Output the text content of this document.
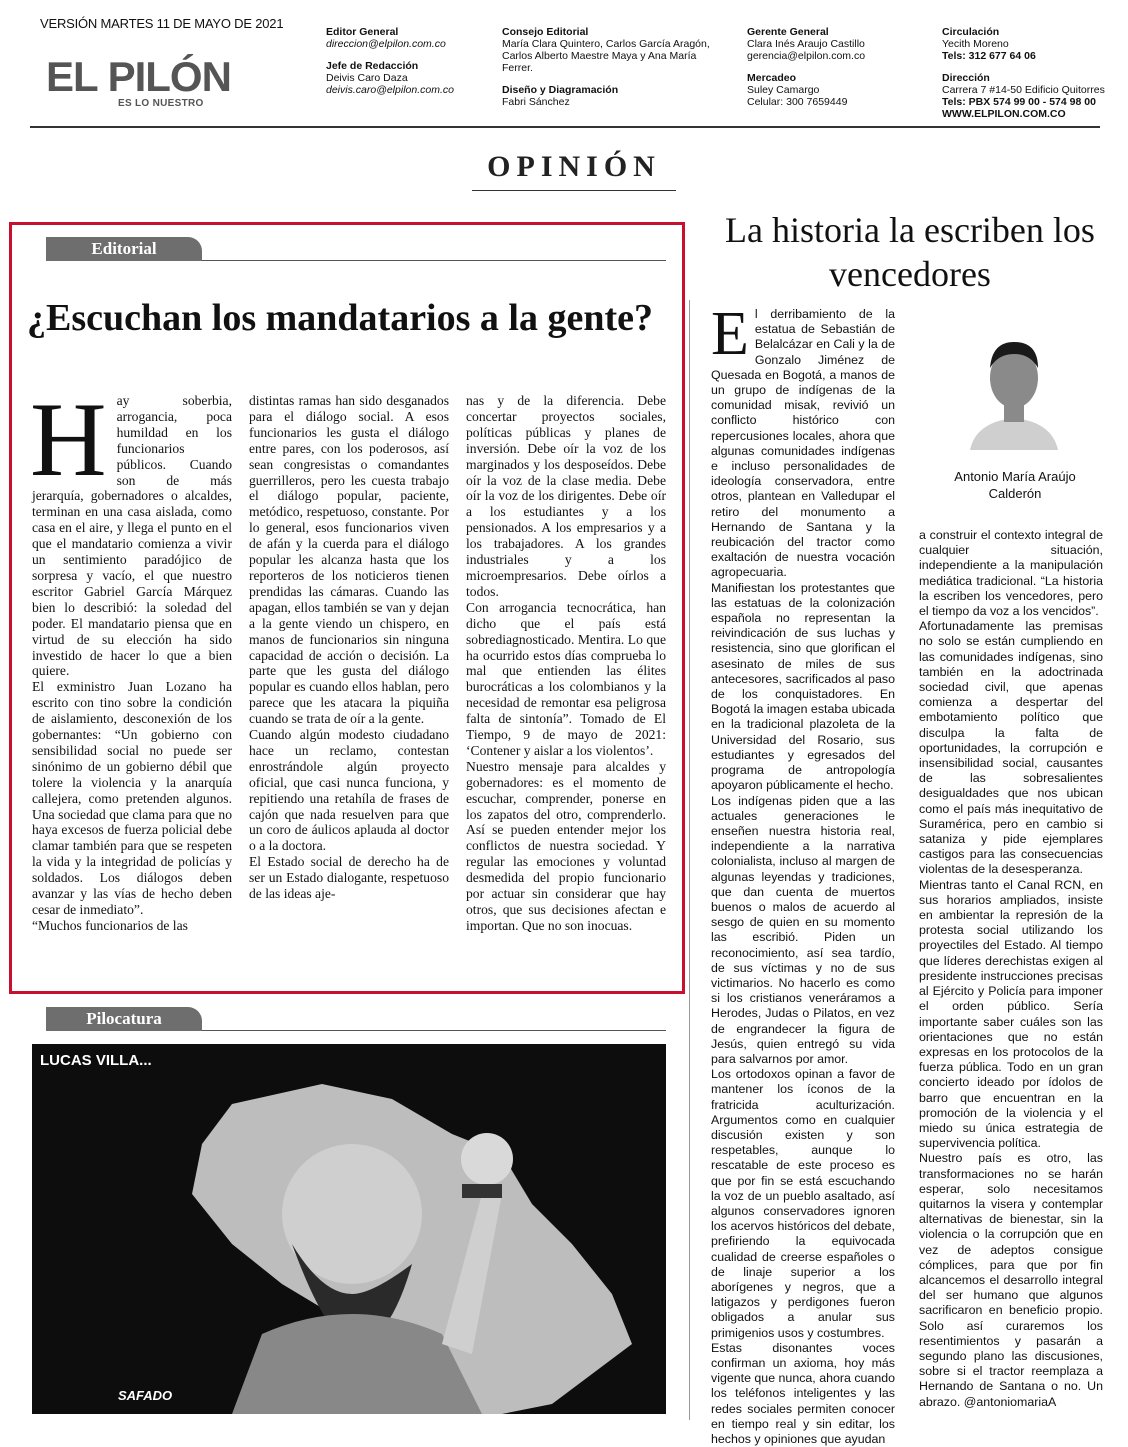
VERSIÓN MARTES 11 DE MAYO DE 2021
EL PILÓN
ES LO NUESTRO
Editor General
direccion@elpilon.com.co
Jefe de Redacción
Deivis Caro Daza
deivis.caro@elpilon.com.co
Consejo Editorial
María Clara Quintero, Carlos García Aragón, Carlos Alberto Maestre Maya y Ana María Ferrer.
Diseño y Diagramación
Fabri Sánchez
Gerente General
Clara Inés Araujo Castillo
gerencia@elpilon.com.co
Mercadeo
Suley Camargo
Celular: 300 7659449
Circulación
Yecith Moreno
Tels: 312 677 64 06
Dirección
Carrera 7 #14-50 Edificio Quitorres
Tels: PBX 574 99 00 - 574 98 00
WWW.ELPILON.COM.CO
OPINIÓN
Editorial
¿Escuchan los mandatarios a la gente?
H ay soberbia, arrogancia, poca humildad en los funcionarios públicos. Cuando son de más jerarquía, gobernadores o alcaldes, terminan en una casa aislada, como casa en el aire, y llega el punto en el que el mandatario comienza a vivir un sentimiento paradójico de sorpresa y vacío, el que nuestro escritor Gabriel García Márquez bien lo describió: la soledad del poder. El mandatario piensa que en virtud de su elección ha sido investido de hacer lo que a bien quiere.

El exministro Juan Lozano ha escrito con tino sobre la condición de aislamiento, desconexión de los gobernantes: “Un gobierno con sensibilidad social no puede ser sinónimo de un gobierno débil que tolere la violencia y la anarquía callejera, como pretenden algunos. Una sociedad que clama para que no haya excesos de fuerza policial debe clamar también para que se respeten la vida y la integridad de policías y soldados. Los diálogos deben avanzar y las vías de hecho deben cesar de inmediato”.

“Muchos funcionarios de las

distintas ramas han sido desganados para el diálogo social. A esos funcionarios les gusta el diálogo entre pares, con los poderosos, así sean congresistas o comandantes guerrilleros, pero les cuesta trabajo el diálogo popular, paciente, metódico, respetuoso, constante. Por lo general, esos funcionarios viven de afán y la cuerda para el diálogo popular les alcanza hasta que los reporteros de los noticieros tienen prendidas las cámaras. Cuando las apagan, ellos también se van y dejan a la gente viendo un chispero, en manos de funcionarios sin ninguna capacidad de acción o decisión. La parte que les gusta del diálogo popular es cuando ellos hablan, pero parece que les atacara la piquiña cuando se trata de oír a la gente.

Cuando algún modesto ciudadano hace un reclamo, contestan enrostrándole algún proyecto oficial, que casi nunca funciona, y repitiendo una retahíla de frases de cajón que nada resuelven para que un coro de áulicos aplauda al doctor o a la doctora.

El Estado social de derecho ha de ser un Estado dialogante, respetuoso de las ideas aje-

nas y de la diferencia. Debe concertar proyectos sociales, políticas públicas y planes de inversión. Debe oír la voz de los marginados y los desposeídos. Debe oír la voz de la clase media. Debe oír la voz de los dirigentes. Debe oír a los estudiantes y a los pensionados. A los empresarios y a los trabajadores. A los grandes industriales y a los microempresarios. Debe oírlos a todos.

Con arrogancia tecnocrática, han dicho que el país está sobrediagnosticado. Mentira. Lo que ha ocurrido estos días comprueba lo mal que entienden las élites burocráticas a los colombianos y la necesidad de remontar esa peligrosa falta de sintonía”. Tomado de El Tiempo, 9 de mayo de 2021: ‘Contener y aislar a los violentos’.

Nuestro mensaje para alcaldes y gobernadores: es el momento de escuchar, comprender, ponerse en los zapatos del otro, comprenderlo. Así se pueden entender mejor los conflictos de nuestra sociedad. Y regular las emociones y voluntad desmedida del propio funcionario por actuar sin considerar que hay otros, que sus decisiones afectan e importan. Que no son inocuas.

Pilocatura
LUCAS VILLA...
SAFADO
La historia la escriben los vencedores
Antonio María Araújo
Calderón
E l derribamiento de la estatua de Sebastián de Belalcázar en Cali y la de Gonzalo Jiménez de Quesada en Bogotá, a manos de un grupo de indígenas de la comunidad misak, revivió un conflicto histórico con repercusiones locales, ahora que algunas comunidades indígenas e incluso personalidades de ideología conservadora, entre otros, plantean en Valledupar el retiro del monumento a Hernando de Santana y la reubicación del tractor como exaltación de nuestra vocación agropecuaria.

Manifiestan los protestantes que las estatuas de la colonización española no representan la reivindicación de sus luchas y resistencia, sino que glorifican el asesinato de miles de sus antecesores, sacrificados al paso de los conquistadores. En Bogotá la imagen estaba ubicada en la tradicional plazoleta de la Universidad del Rosario, sus estudiantes y egresados del programa de antropología apoyaron públicamente el hecho.

Los indígenas piden que a las actuales generaciones le enseñen nuestra historia real, independiente a la narrativa colonialista, incluso al margen de algunas leyendas y tradiciones, que dan cuenta de muertos buenos o malos de acuerdo al sesgo de quien en su momento las escribió. Piden un reconocimiento, así sea tardío, de sus víctimas y no de sus victimarios. No hacerlo es como si los cristianos veneráramos a Herodes, Judas o Pilatos, en vez de engrandecer la figura de Jesús, quien entregó su vida para salvarnos por amor.

Los ortodoxos opinan a favor de mantener los íconos de la fratricida aculturización. Argumentos como en cualquier discusión existen y son respetables, aunque lo rescatable de este proceso es que por fin se está escuchando la voz de un pueblo asaltado, así algunos conservadores ignoren los acervos históricos del debate, prefiriendo la equivocada cualidad de creerse españoles o de linaje superior a los aborígenes y negros, que a latigazos y perdigones fueron obligados a anular sus primigenios usos y costumbres.

Estas disonantes voces confirman un axioma, hoy más vigente que nunca, ahora cuando los teléfonos inteligentes y las redes sociales permiten conocer en tiempo real y sin editar, los hechos y opiniones que ayudan

a construir el contexto integral de cualquier situación, independiente a la manipulación mediática tradicional. “La historia la escriben los vencedores, pero el tiempo da voz a los vencidos”.

Afortunadamente las premisas no solo se están cumpliendo en las comunidades indígenas, sino también en la adoctrinada sociedad civil, que apenas comienza a despertar del embotamiento político que disculpa la falta de oportunidades, la corrupción e insensibilidad social, causantes de las sobresalientes desigualdades que nos ubican como el país más inequitativo de Suramérica, pero en cambio si sataniza y pide ejemplares castigos para las consecuencias violentas de la desesperanza.

Mientras tanto el Canal RCN, en sus horarios ampliados, insiste en ambientar la represión de la protesta social utilizando los proyectiles del Estado. Al tiempo que líderes derechistas exigen al presidente instrucciones precisas al Ejército y Policía para imponer el orden público. Sería importante saber cuáles son las orientaciones que no están expresas en los protocolos de la fuerza pública. Todo en un gran concierto ideado por ídolos de barro que encuentran en la promoción de la violencia y el miedo su única estrategia de supervivencia política.

Nuestro país es otro, las transformaciones no se harán esperar, solo necesitamos quitarnos la visera y contemplar alternativas de bienestar, sin la violencia o la corrupción que en vez de adeptos consigue cómplices, para que por fin alcancemos el desarrollo integral del ser humano que algunos sacrificaron en beneficio propio. Solo así curaremos los resentimientos y pasarán a segundo plano las discusiones, sobre si el tractor reemplaza a Hernando de Santana o no. Un abrazo. @antoniomariaA
